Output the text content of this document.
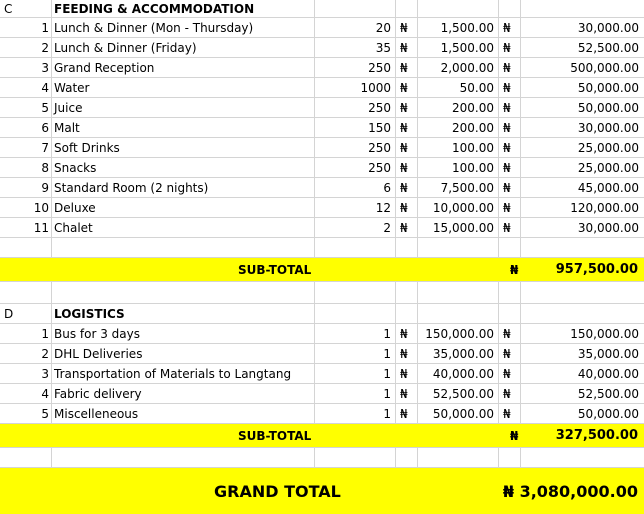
C	FEEDING & ACCOMMODATION
1 Lunch & Dinner (Mon - Thursday)	20 ₦	1,500.00 ₦	30,000.00
2 Lunch & Dinner (Friday)	35 ₦	1,500.00 ₦	52,500.00
3 Grand Reception	250 ₦	2,000.00 ₦	500,000.00
4 Water	1000 ₦	50.00 ₦	50,000.00
5 Juice	250 ₦	200.00 ₦	50,000.00
6 Malt	150 ₦	200.00 ₦	30,000.00
7 Soft Drinks	250 ₦	100.00 ₦	25,000.00
8 Snacks	250 ₦	100.00 ₦	25,000.00
9 Standard Room (2 nights)	6 ₦	7,500.00 ₦	45,000.00
10 Deluxe	12 ₦	10,000.00 ₦	120,000.00
11 Chalet	2 ₦	15,000.00 ₦	30,000.00
SUB-TOTAL	₦	957,500.00
D	LOGISTICS
1 Bus for 3 days	1 ₦	150,000.00 ₦	150,000.00
2 DHL Deliveries	1 ₦	35,000.00 ₦	35,000.00
3 Transportation of Materials to Langtang	1 ₦	40,000.00 ₦	40,000.00
4 Fabric delivery	1 ₦	52,500.00 ₦	52,500.00
5 Miscelleneous	1 ₦	50,000.00 ₦	50,000.00
SUB-TOTAL	₦	327,500.00
GRAND TOTAL	₦ 3,080,000.00
